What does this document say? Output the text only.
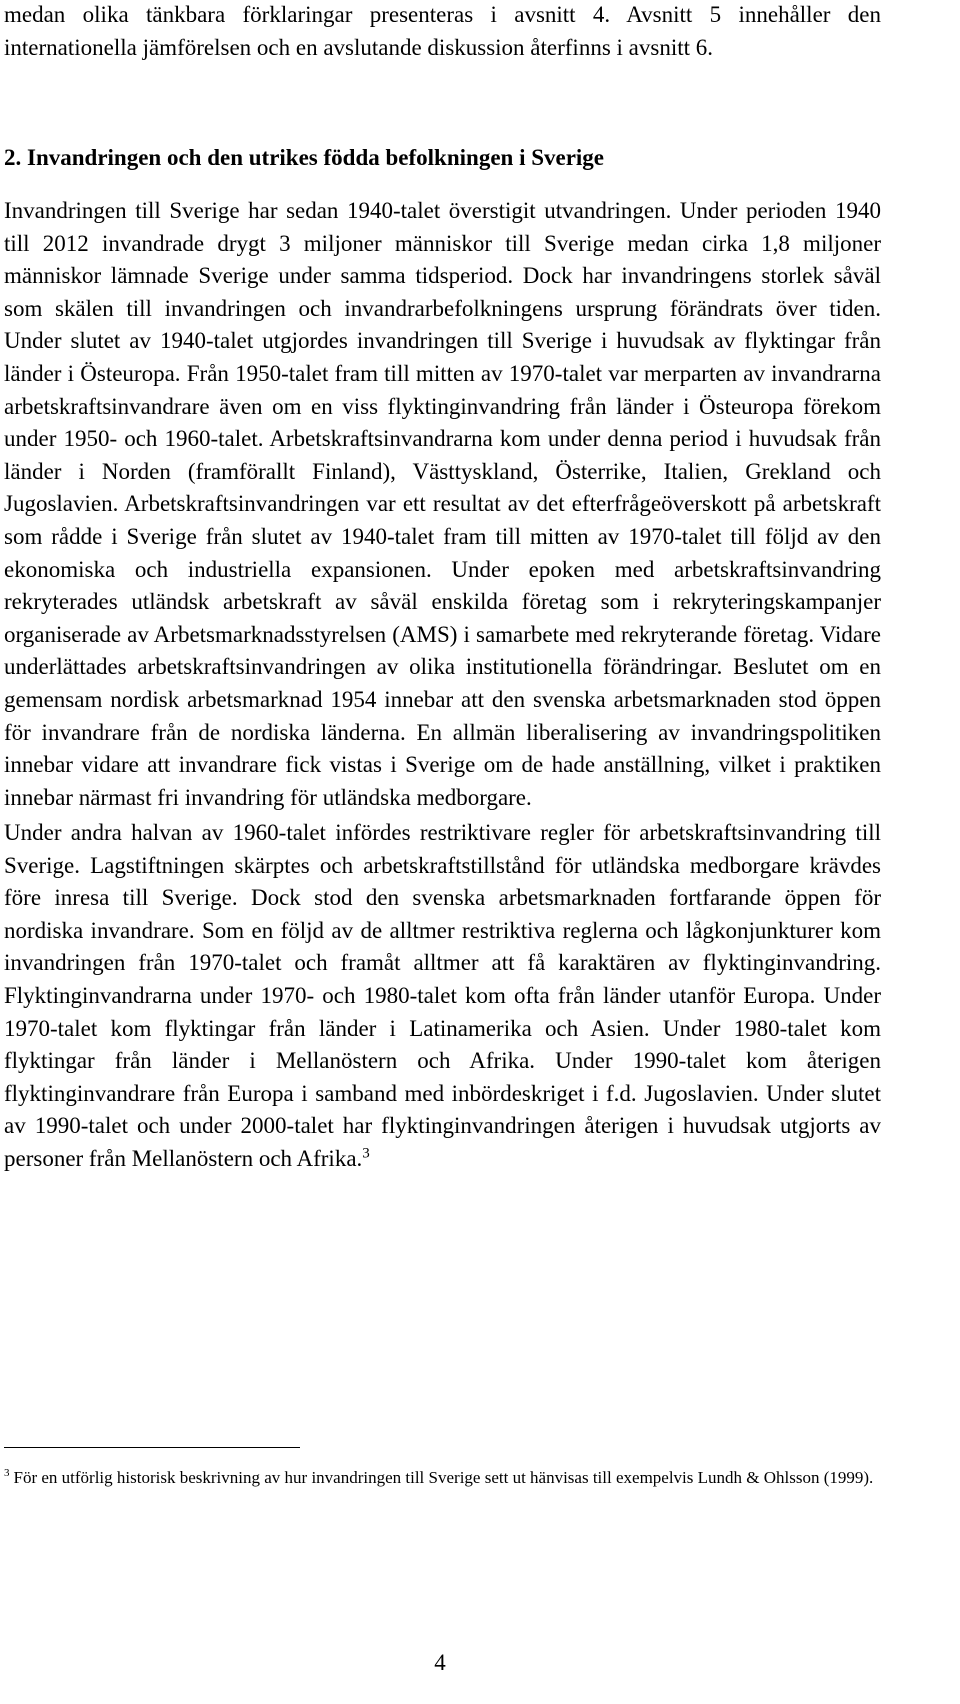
medan olika tänkbara förklaringar presenteras i avsnitt 4. Avsnitt 5 innehåller den internationella jämförelsen och en avslutande diskussion återfinns i avsnitt 6.

2. Invandringen och den utrikes födda befolkningen i Sverige

Invandringen till Sverige har sedan 1940-talet överstigit utvandringen. Under perioden 1940 till 2012 invandrade drygt 3 miljoner människor till Sverige medan cirka 1,8 miljoner människor lämnade Sverige under samma tidsperiod. Dock har invandringens storlek såväl som skälen till invandringen och invandrarbefolkningens ursprung förändrats över tiden. Under slutet av 1940-talet utgjordes invandringen till Sverige i huvudsak av flyktingar från länder i Östeuropa. Från 1950-talet fram till mitten av 1970-talet var merparten av invandrarna arbetskraftsinvandrare även om en viss flyktinginvandring från länder i Östeuropa förekom under 1950- och 1960-talet. Arbetskraftsinvandrarna kom under denna period i huvudsak från länder i Norden (framförallt Finland), Västtyskland, Österrike, Italien, Grekland och Jugoslavien. Arbetskraftsinvandringen var ett resultat av det efterfrågeöverskott på arbetskraft som rådde i Sverige från slutet av 1940-talet fram till mitten av 1970-talet till följd av den ekonomiska och industriella expansionen. Under epoken med arbetskraftsinvandring rekryterades utländsk arbetskraft av såväl enskilda företag som i rekryteringskampanjer organiserade av Arbetsmarknadsstyrelsen (AMS) i samarbete med rekryterande företag. Vidare underlättades arbetskraftsinvandringen av olika institutionella förändringar. Beslutet om en gemensam nordisk arbetsmarknad 1954 innebar att den svenska arbetsmarknaden stod öppen för invandrare från de nordiska länderna. En allmän liberalisering av invandringspolitiken innebar vidare att invandrare fick vistas i Sverige om de hade anställning, vilket i praktiken innebar närmast fri invandring för utländska medborgare.

Under andra halvan av 1960-talet infördes restriktivare regler för arbetskraftsinvandring till Sverige. Lagstiftningen skärptes och arbetskraftstillstånd för utländska medborgare krävdes före inresa till Sverige. Dock stod den svenska arbetsmarknaden fortfarande öppen för nordiska invandrare. Som en följd av de alltmer restriktiva reglerna och lågkonjunkturer kom invandringen från 1970-talet och framåt alltmer att få karaktären av flyktinginvandring. Flyktinginvandrarna under 1970- och 1980-talet kom ofta från länder utanför Europa. Under 1970-talet kom flyktingar från länder i Latinamerika och Asien. Under 1980-talet kom flyktingar från länder i Mellanöstern och Afrika. Under 1990-talet kom återigen flyktinginvandrare från Europa i samband med inbördeskriget i f.d. Jugoslavien. Under slutet av 1990-talet och under 2000-talet har flyktinginvandringen återigen i huvudsak utgjorts av personer från Mellanöstern och Afrika.$^3$

$^3$ För en utförlig historisk beskrivning av hur invandringen till Sverige sett ut hänvisas till exempelvis Lundh & Ohlsson (1999).

4
